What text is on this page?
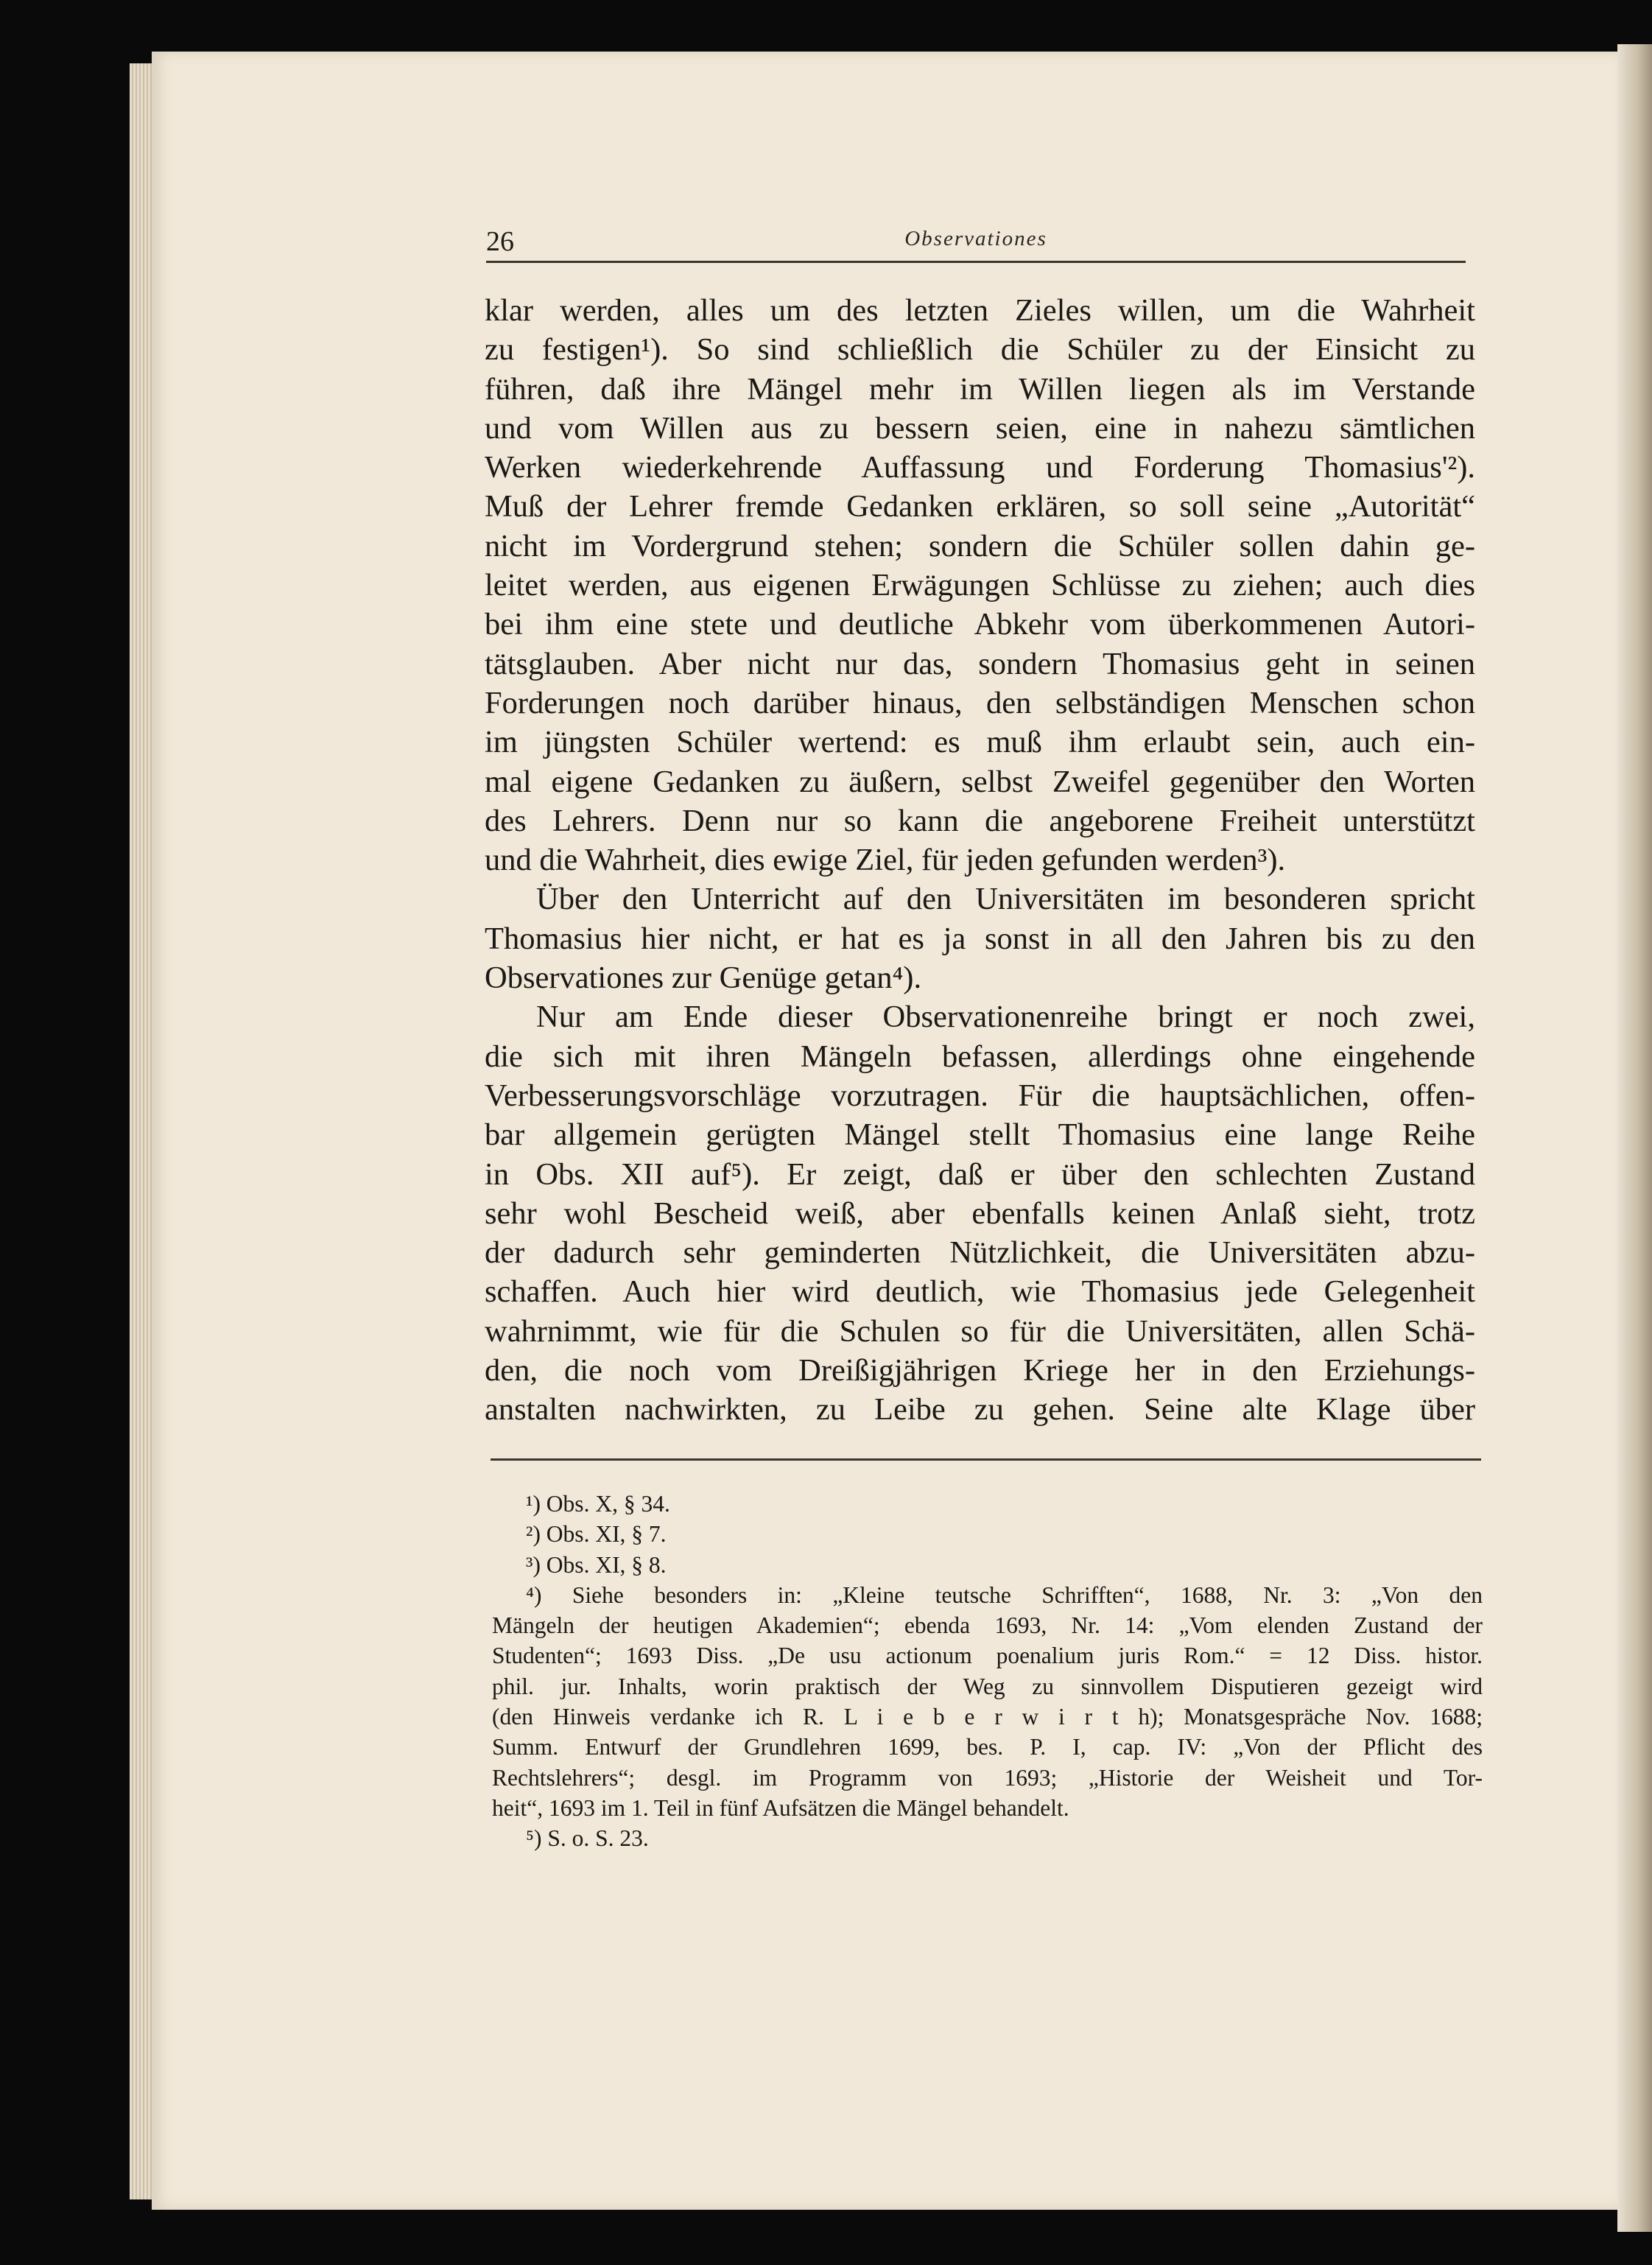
26	Observationes
klar werden, alles um des letzten Zieles willen, um die Wahrheit
zu festigen¹). So sind schließlich die Schüler zu der Einsicht zu
führen, daß ihre Mängel mehr im Willen liegen als im Verstande
und vom Willen aus zu bessern seien, eine in nahezu sämtlichen
Werken wiederkehrende Auffassung und Forderung Thomasius'²).
Muß der Lehrer fremde Gedanken erklären, so soll seine „Autorität“
nicht im Vordergrund stehen; sondern die Schüler sollen dahin ge-
leitet werden, aus eigenen Erwägungen Schlüsse zu ziehen; auch dies
bei ihm eine stete und deutliche Abkehr vom überkommenen Autori-
tätsglauben. Aber nicht nur das, sondern Thomasius geht in seinen
Forderungen noch darüber hinaus, den selbständigen Menschen schon
im jüngsten Schüler wertend: es muß ihm erlaubt sein, auch ein-
mal eigene Gedanken zu äußern, selbst Zweifel gegenüber den Worten
des Lehrers. Denn nur so kann die angeborene Freiheit unterstützt
und die Wahrheit, dies ewige Ziel, für jeden gefunden werden³).
Über den Unterricht auf den Universitäten im besonderen spricht
Thomasius hier nicht, er hat es ja sonst in all den Jahren bis zu den
Observationes zur Genüge getan⁴).
Nur am Ende dieser Observationenreihe bringt er noch zwei,
die sich mit ihren Mängeln befassen, allerdings ohne eingehende
Verbesserungsvorschläge vorzutragen. Für die hauptsächlichen, offen-
bar allgemein gerügten Mängel stellt Thomasius eine lange Reihe
in Obs. XII auf⁵). Er zeigt, daß er über den schlechten Zustand
sehr wohl Bescheid weiß, aber ebenfalls keinen Anlaß sieht, trotz
der dadurch sehr geminderten Nützlichkeit, die Universitäten abzu-
schaffen. Auch hier wird deutlich, wie Thomasius jede Gelegenheit
wahrnimmt, wie für die Schulen so für die Universitäten, allen Schä-
den, die noch vom Dreißigjährigen Kriege her in den Erziehungs-
anstalten nachwirkten, zu Leibe zu gehen. Seine alte Klage über
¹) Obs. X, § 34.
²) Obs. XI, § 7.
³) Obs. XI, § 8.
⁴) Siehe besonders in: „Kleine teutsche Schrifften“, 1688, Nr. 3: „Von den
Mängeln der heutigen Akademien“; ebenda 1693, Nr. 14: „Vom elenden Zustand der
Studenten“; 1693 Diss. „De usu actionum poenalium juris Rom.“ = 12 Diss. histor.
phil. jur. Inhalts, worin praktisch der Weg zu sinnvollem Disputieren gezeigt wird
(den Hinweis verdanke ich R. L i e b e r w i r t h); Monatsgespräche Nov. 1688;
Summ. Entwurf der Grundlehren 1699, bes. P. I, cap. IV: „Von der Pflicht des
Rechtslehrers“; desgl. im Programm von 1693; „Historie der Weisheit und Tor-
heit“, 1693 im 1. Teil in fünf Aufsätzen die Mängel behandelt.
⁵) S. o. S. 23.
